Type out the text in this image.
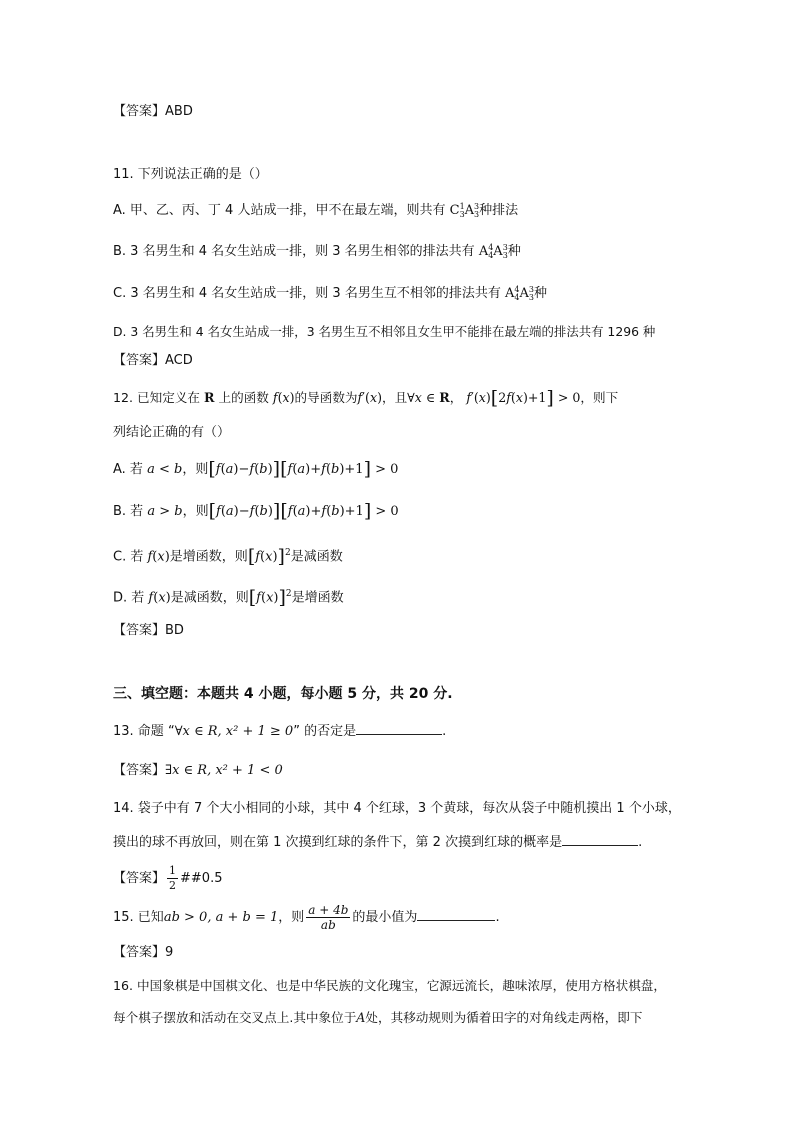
【答案】ABD
11. 下列说法正确的是（）
A. 甲、乙、丙、丁 4 人站成一排，甲不在最左端，则共有 C1
3A3
3种排法
B. 3 名男生和 4 名女生站成一排，则 3 名男生相邻的排法共有 A4
4A3
3种
C. 3 名男生和 4 名女生站成一排，则 3 名男生互不相邻的排法共有 A4
4A3
3种
D. 3 名男生和 4 名女生站成一排，3 名男生互不相邻且女生甲不能排在最左端的排法共有 1296 种
【答案】ACD
12. 已知定义在 R 上的函数 f(x)的导函数为f′(x)，且∀x ∈ R， f′(x)[2f(x)+1] > 0，则下
列结论正确的有（）
A. 若 a < b，则[f(a)−f(b)][f(a)+f(b)+1] > 0
B. 若 a > b，则[f(a)−f(b)][f(a)+f(b)+1] > 0
C. 若 f(x)是增函数，则$[f(x)]^2$是减函数
D. 若 f(x)是减函数，则$[f(x)]^2$是增函数
【答案】BD
三、填空题：本题共 4 小题，每小题 5 分，共 20 分.
13. 命题 “∀x ∈ R, x² + 1 ≥ 0” 的否定是	.
【答案】∃x ∈ R, x² + 1 < 0
14. 袋子中有 7 个大小相同的小球，其中 4 个红球，3 个黄球，每次从袋子中随机摸出 1 个小球，
摸出的球不再放回，则在第 1 次摸到红球的条件下，第 2 次摸到红球的概率是	.
【答案】 $\frac{1}{2}$ ##0.5
15. 已知ab > 0, a + b = 1，则 $\frac{a + 4b}{ab}$ 的最小值为	.
【答案】9
16. 中国象棋是中国棋文化、也是中华民族的文化瑰宝，它源远流长，趣味浓厚，使用方格状棋盘，
每个棋子摆放和活动在交叉点上.其中象位于A处，其移动规则为循着田字的对角线走两格，即下
